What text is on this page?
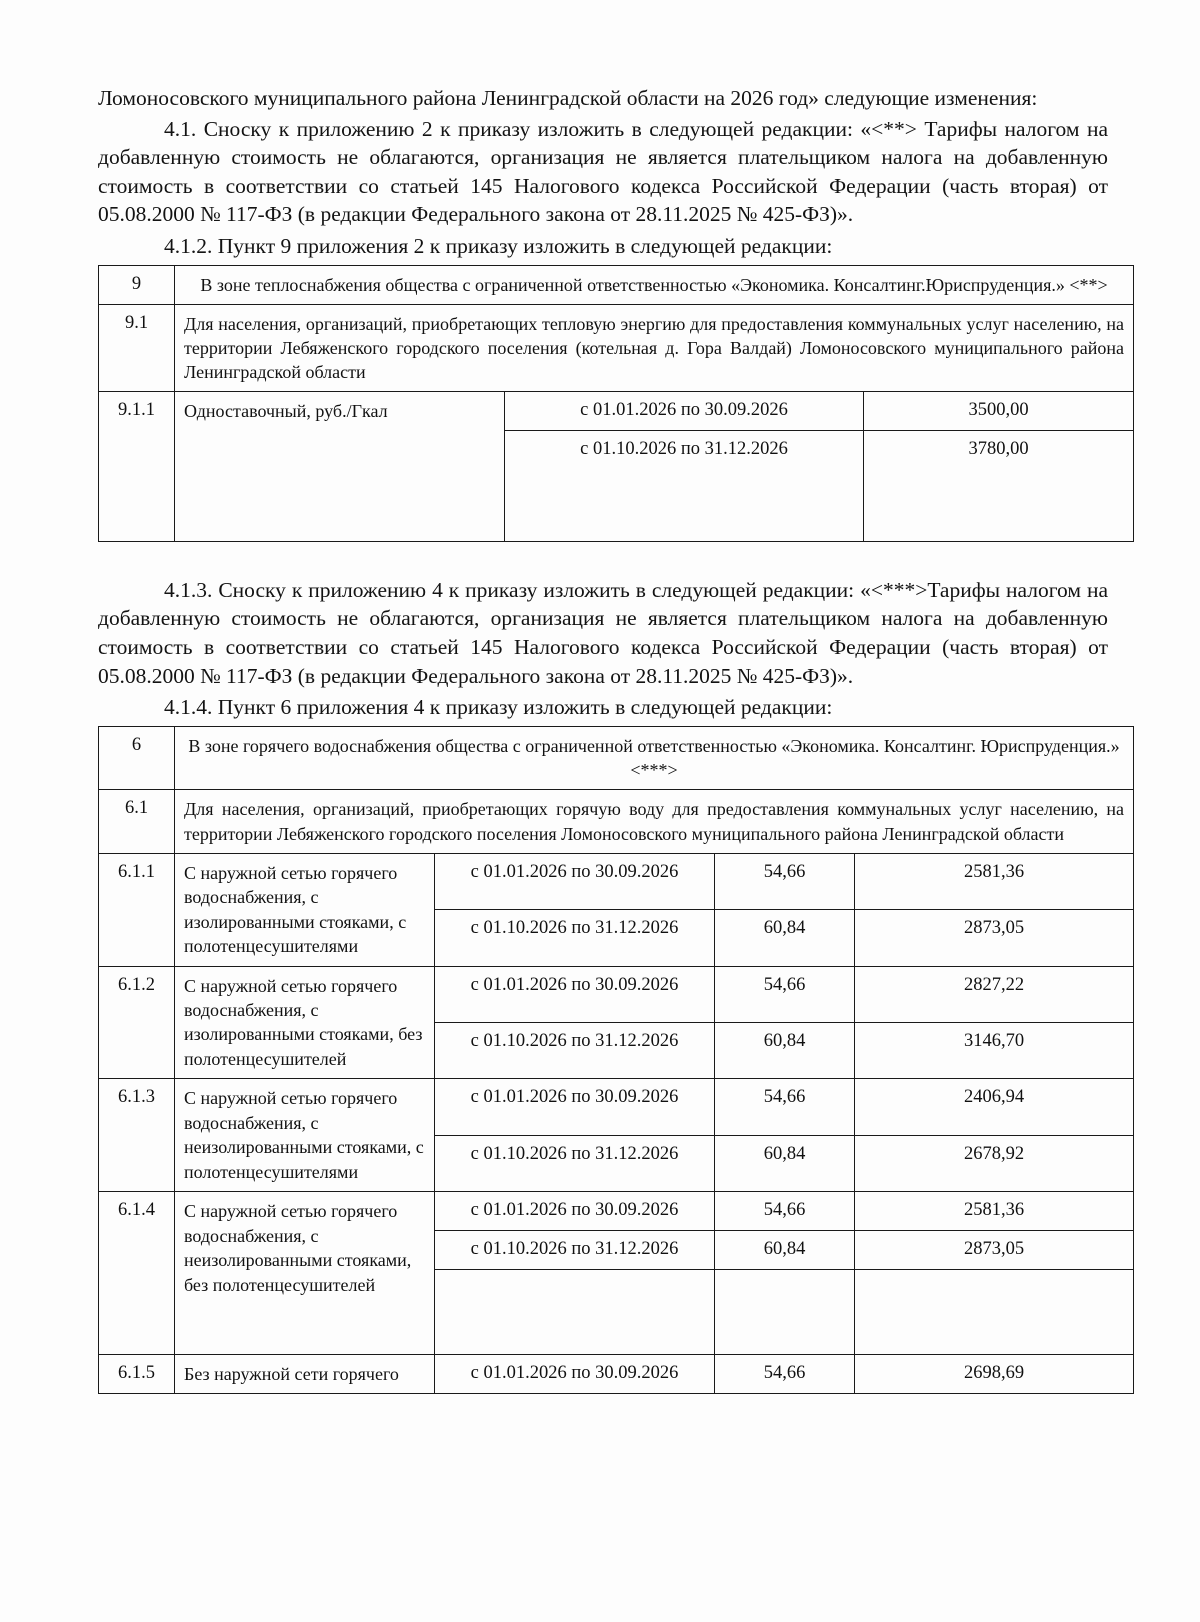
Ломоносовского муниципального района Ленинградской области на 2026 год» следующие изменения:

4.1. Сноску к приложению 2 к приказу изложить в следующей редакции: «<**> Тарифы налогом на добавленную стоимость не облагаются, организация не является плательщиком налога на добавленную стоимость в соответствии со статьей 145 Налогового кодекса Российской Федерации (часть вторая) от 05.08.2000 № 117-ФЗ (в редакции Федерального закона от 28.11.2025 № 425-ФЗ)».

4.1.2. Пункт 9 приложения 2 к приказу изложить в следующей редакции:

9	В зоне теплоснабжения общества с ограниченной ответственностью «Экономика. Консалтинг.Юриспруденция.» <**>		
9.1	Для населения, организаций, приобретающих тепловую энергию для предоставления коммунальных услуг населению, на территории Лебяженского городского поселения (котельная д. Гора Валдай) Ломоносовского муниципального района Ленинградской области		
9.1.1	Одноставочный, руб./Гкал	с 01.01.2026 по 30.09.2026	3500,00
		с 01.10.2026 по 31.12.2026	3780,00

4.1.3. Сноску к приложению 4 к приказу изложить в следующей редакции: «<***>Тарифы налогом на добавленную стоимость не облагаются, организация не является плательщиком налога на добавленную стоимость в соответствии со статьей 145 Налогового кодекса Российской Федерации (часть вторая) от 05.08.2000 № 117-ФЗ (в редакции Федерального закона от 28.11.2025 № 425-ФЗ)».

4.1.4. Пункт 6 приложения 4 к приказу изложить в следующей редакции:

6	В зоне горячего водоснабжения общества с ограниченной ответственностью «Экономика. Консалтинг. Юриспруденция.» <***>			
6.1	Для населения, организаций, приобретающих горячую воду для предоставления коммунальных услуг населению, на территории Лебяженского городского поселения Ломоносовского муниципального района Ленинградской области			
6.1.1	С наружной сетью горячего водоснабжения, с изолированными стояками, с полотенцесушителями	с 01.01.2026 по 30.09.2026	54,66	2581,36
		с 01.10.2026 по 31.12.2026	60,84	2873,05
6.1.2	С наружной сетью горячего водоснабжения, с изолированными стояками, без полотенцесушителей	с 01.01.2026 по 30.09.2026	54,66	2827,22
		с 01.10.2026 по 31.12.2026	60,84	3146,70
6.1.3	С наружной сетью горячего водоснабжения, с неизолированными стояками, с полотенцесушителями	с 01.01.2026 по 30.09.2026	54,66	2406,94
		с 01.10.2026 по 31.12.2026	60,84	2678,92
6.1.4	С наружной сетью горячего водоснабжения, с неизолированными стояками, без полотенцесушителей	с 01.01.2026 по 30.09.2026	54,66	2581,36
		с 01.10.2026 по 31.12.2026	60,84	2873,05

6.1.5	Без наружной сети горячего	с 01.01.2026 по 30.09.2026	54,66	2698,69
